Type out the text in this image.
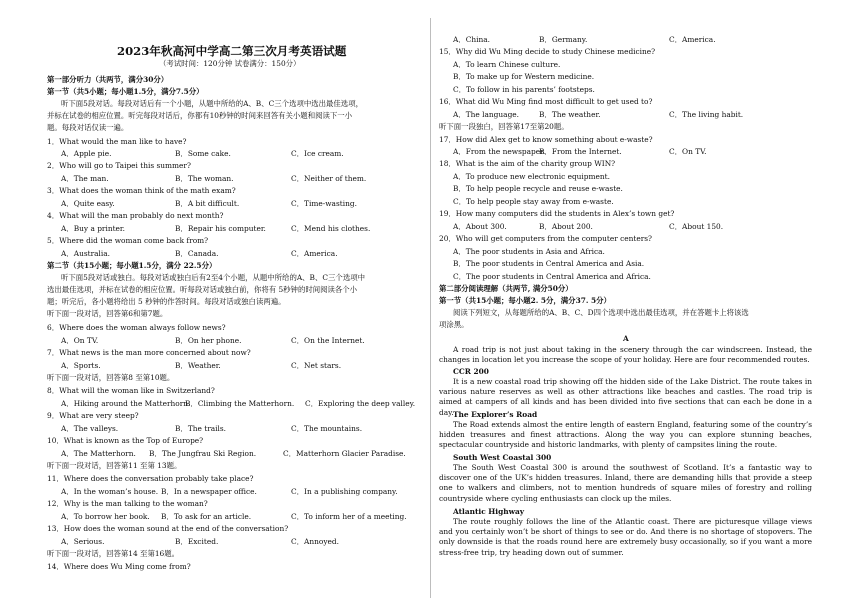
2023年秋高河中学高二第三次月考英语试题
（考试时间：120分钟 试卷满分：150分）
第一部分听力（共两节，满分30分）
第一节（共5小题；每小题1.5分，满分7.5分）
听下面5段对话。每段对话后有一个小题，从题中所给的A、B、C三个选项中选出最佳选项，
并标在试卷的相应位置。听完每段对话后，你都有10秒钟的时间来回答有关小题和阅读下一小
题。每段对话仅读一遍。
1．What would the man like to have?
A．Apple pie.	B．Some cake.	C．Ice cream.
2．Who will go to Taipei this summer?
A．The man.	B．The woman.	C．Neither of them.
3．What does the woman think of the math exam?
A．Quite easy.	B．A bit difficult.	C．Time-wasting.
4．What will the man probably do next month?
A．Buy a printer.	B．Repair his computer.	C．Mend his clothes.
5．Where did the woman come back from?
A．Australia.	B．Canada.	C．America.
第二节（共15小题；每小题1.5分，满分 22.5分）
听下面5段对话或独白。每段对话或独白后有2至4个小题，从题中所给的A、B、C三个选项中
选出最佳选项，并标在试卷的相应位置。听每段对话或独白前，你将有 5秒钟的时间阅读各个小
题；听完后，各小题将给出 5 秒钟的作答时间。每段对话或独白读两遍。
听下面一段对话，回答第6和第7题。
6．Where does the woman always follow news?
A．On TV.	B．On her phone.	C．On the Internet.
7．What news is the man more concerned about now?
A．Sports.	B．Weather.	C．Net stars.
听下面一段对话，回答第8 至第10题。
8．What will the woman like in Switzerland?
A．Hiking around the Matterhorn.
B．Climbing the Matterhorn. C．Exploring the deep valley.
9．What are very steep?
A．The valleys.	B．The trails.	C．The mountains.
10．What is known as the Top of Europe?
A．The Matterhorn. B．The Jungfrau Ski Region.	C．Matterhorn Glacier Paradise.
听下面一段对话，回答第11 至第 13题。
11．Where does the conversation probably take place?
A．In the woman’s house. B．In a newspaper office.	C．In a publishing company.
12．Why is the man talking to the woman?
A．To borrow her book. B．To ask for an article.	C．To inform her of a meeting.
13．How does the woman sound at the end of the conversation?
A．Serious.	B．Excited.	C．Annoyed.
听下面一段对话，回答第14 至第16题。
14．Where does Wu Ming come from?
A．China.	B．Germany.	C．America.
15．Why did Wu Ming decide to study Chinese medicine?
A．To learn Chinese culture.
B．To make up for Western medicine.
C．To follow in his parents’ footsteps.
16．What did Wu Ming find most difficult to get used to?
A．The language.	B．The weather.	C．The living habit.
听下面一段独白，回答第17至第20题。
17．How did Alex get to know something about e-waste?
A．From the newspaper.
B．From the Internet.	C．On TV.
18．What is the aim of the charity group WIN?
A．To produce new electronic equipment.
B．To help people recycle and reuse e-waste.
C．To help people stay away from e-waste.
19．How many computers did the students in Alex’s town get?
A．About 300.	B．About 200.	C．About 150.
20．Who will get computers from the computer centers?
A．The poor students in Asia and Africa.
B．The poor students in Central America and Asia.
C．The poor students in Central America and Africa.
第二部分阅读理解（共两节, 满分50分）
第一节（共15小题；每小题2. 5分，满分37. 5分）
阅读下列短文，从每题所给的A、B、C、D四个选项中选出最佳选项，并在答题卡上将该选
项涂黑。
A
A road trip is not just about taking in the scenery through the car windscreen. Instead, the changes in location let you increase the scope of your holiday. Here are four recommended routes.
CCR 200
It is a new coastal road trip showing off the hidden side of the Lake District. The route takes in various nature reserves as well as other attractions like beaches and castles. The road trip is aimed at campers of all kinds and has been divided into five sections that can each be done in a day. The Explorer’s Road
The Road extends almost the entire length of eastern England, featuring some of the country’s hidden treasures and finest attractions. Along the way you can explore stunning beaches, spectacular countryside and historic landmarks, with plenty of campsites lining the route.
South West Coastal 300
The South West Coastal 300 is around the southwest of Scotland. It’s a fantastic way to discover one of the UK’s hidden treasures. Inland, there are demanding hills that provide a steep one to walkers and climbers, not to mention hundreds of square miles of forestry and rolling countryside where cycling enthusiasts can clock up the miles.
Atlantic Highway
The route roughly follows the line of the Atlantic coast. There are picturesque village views and you certainly won’t be short of things to see or do. And there is no shortage of stopovers. The only downside is that the roads round here are extremely busy occasionally, so if you want a more stress-free trip, try heading down out of summer.
